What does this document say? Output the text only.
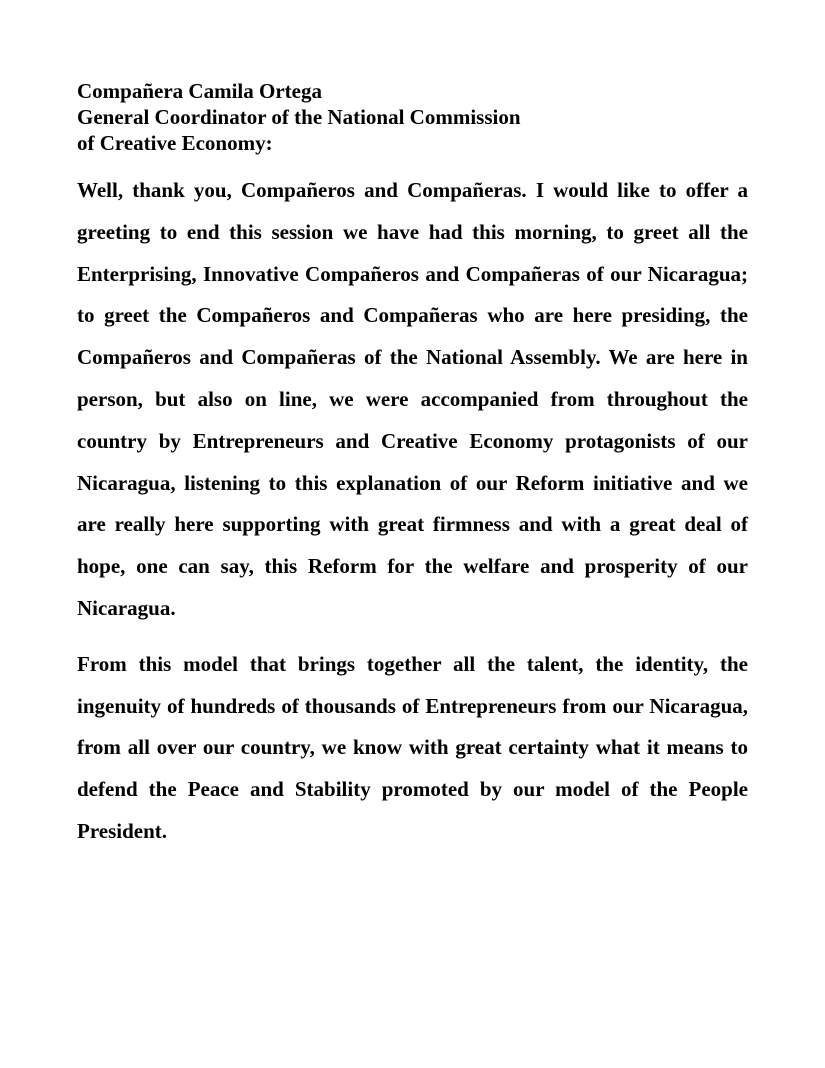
Compañera Camila Ortega
General Coordinator of the National Commission
of Creative Economy:

Well, thank you, Compañeros and Compañeras. I would like to offer a greeting to end this session we have had this morning, to greet all the Enterprising, Innovative Compañeros and Compañeras of our Nicaragua; to greet the Compañeros and Compañeras who are here presiding, the Compañeros and Compañeras of the National Assembly. We are here in person, but also on line, we were accompanied from throughout the country by Entrepreneurs and Creative Economy protagonists of our Nicaragua, listening to this explanation of our Reform initiative and we are really here supporting with great firmness and with a great deal of hope, one can say, this Reform for the welfare and prosperity of our Nicaragua.

From this model that brings together all the talent, the identity, the ingenuity of hundreds of thousands of Entrepreneurs from our Nicaragua, from all over our country, we know with great certainty what it means to defend the Peace and Stability promoted by our model of the People President.
